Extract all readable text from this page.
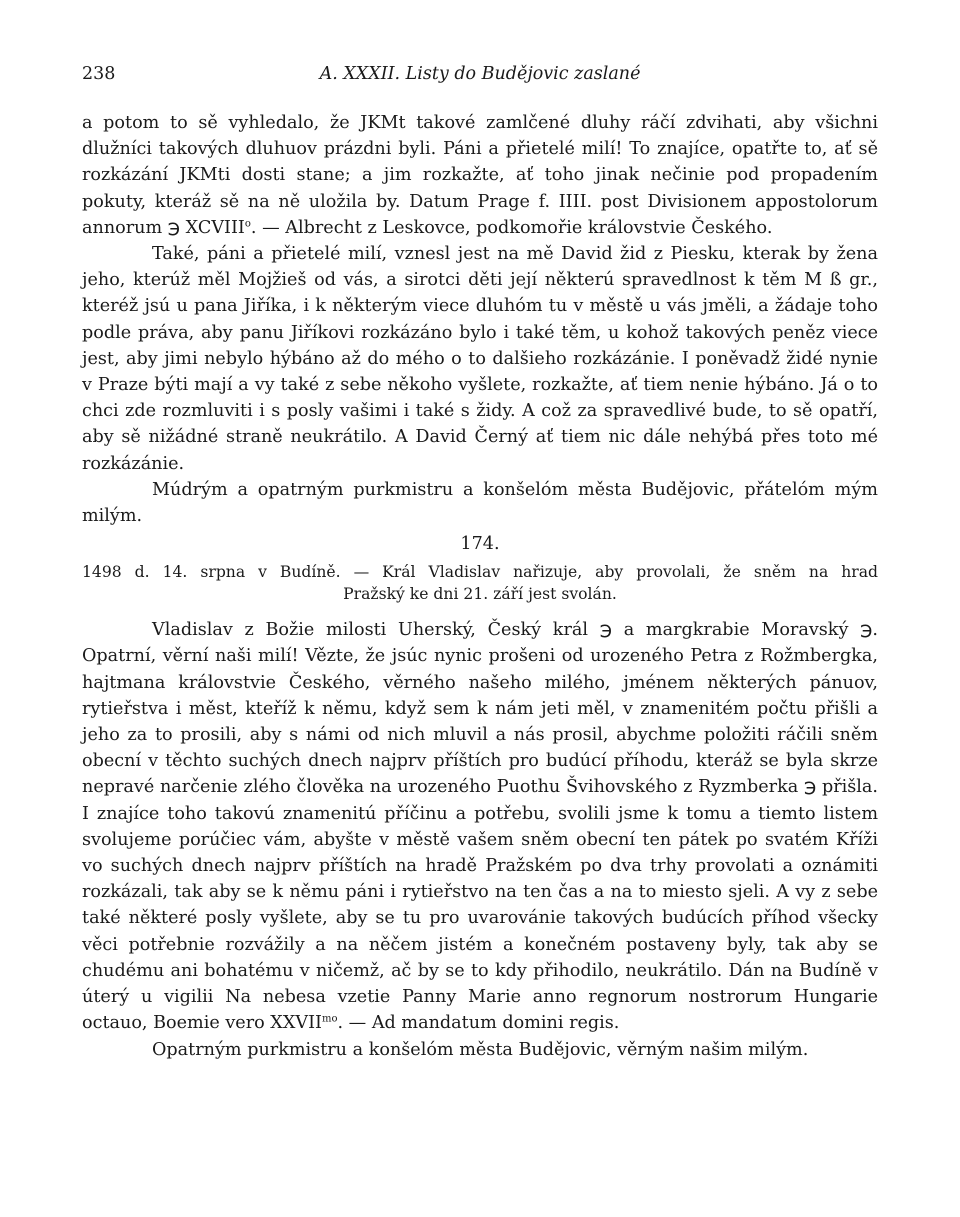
238	A. XXXII. Listy do Budějovic zaslané

a potom to sě vyhledalo, že JKMt takové zamlčené dluhy ráčí zdvihati, aby všichni dlužníci takových dluhuov prázdni byli. Páni a přietelé milí! To znajíce, opatřte to, ať sě rozkázání JKMti dosti stane; a jim rozkažte, ať toho jinak nečinie pod propadením pokuty, kteráž sě na ně uložila by. Datum Prage f. IIII. post Divisionem appostolorum annorum ℈ XCVIII$^o$. — Albrecht z Leskovce, podkomořie královstvie Českého.

Také, páni a přietelé milí, vznesl jest na mě David žid z Piesku, kterak by žena jeho, kterúž měl Mojžieš od vás, a sirotci děti její některú spravedlnost k těm M ß gr., kteréž jsú u pana Jiříka, i k některým viece dluhóm tu v městě u vás jměli, a žádaje toho podle práva, aby panu Jiříkovi rozkázáno bylo i také těm, u kohož takových peněz viece jest, aby jimi nebylo hýbáno až do mého o to dalšieho rozkázánie. I poněvadž židé nynie v Praze býti mají a vy také z sebe někoho vyšlete, rozkažte, ať tiem nenie hýbáno. Já o to chci zde rozmluviti i s posly vašimi i také s židy. A což za spravedlivé bude, to sě opatří, aby sě nižádné straně neukrátilo. A David Černý ať tiem nic dále nehýbá přes toto mé rozkázánie.

Múdrým a opatrným purkmistru a konšelóm města Budějovic, přátelóm mým milým.

174.

1498 d. 14. srpna v Budíně. — Král Vladislav nařizuje, aby provolali, že sněm na hrad
Pražský ke dni 21. září jest svolán.

Vladislav z Božie milosti Uherský, Český král ℈ a margkrabie Moravský ℈. Opatrní, věrní naši milí! Vězte, že jsúc nynic prošeni od urozeného Petra z Rožmbergka, hajtmana královstvie Českého, věrného našeho milého, jménem některých pánuov, rytieřstva i měst, kteříž k němu, když sem k nám jeti měl, v znamenitém počtu přišli a jeho za to prosili, aby s námi od nich mluvil a nás prosil, abychme položiti ráčili sněm obecní v těchto suchých dnech najprv příštích pro budúcí příhodu, kteráž se byla skrze nepravé narčenie zlého člověka na urozeného Puothu Švihovského z Ryzmberka ℈ přišla. I znajíce toho takovú znamenitú příčinu a potřebu, svolili jsme k tomu a tiemto listem svolujeme porúčiec vám, abyšte v městě vašem sněm obecní ten pátek po svatém Kříži vo suchých dnech najprv příštích na hradě Pražském po dva trhy provolati a oznámiti rozkázali, tak aby se k němu páni i rytieřstvo na ten čas a na to miesto sjeli. A vy z sebe také některé posly vyšlete, aby se tu pro uvarovánie takových budúcích příhod všecky věci potřebnie rozvážily a na něčem jistém a konečném postaveny byly, tak aby se chudému ani bohatému v ničemž, ač by se to kdy přihodilo, neukrátilo. Dán na Budíně v úterý u vigilii Na nebesa vzetie Panny Marie anno regnorum nostrorum Hungarie octauo, Boemie vero $XXVII^{mo}$. — Ad mandatum domini regis.

Opatrným purkmistru a konšelóm města Budějovic, věrným našim milým.
